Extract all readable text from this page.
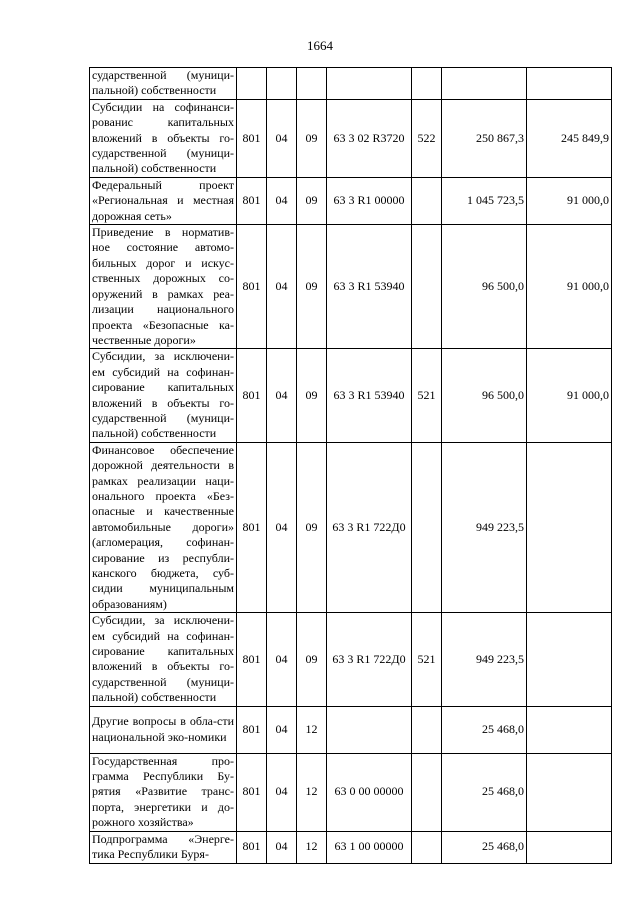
1664
сударственной (муници-пальной) собственности							
Субсидии на софинанси-рованис капитальных вложений в объекты го-сударственной (муници-пальной) собственности	801	04	09	63 3 02 R3720	522	250 867,3	245 849,9
Федеральный проект «Региональная и местная дорожная сеть»	801	04	09	63 3 R1 00000		1 045 723,5	91 000,0
Приведение в норматив-ное состояние автомо-бильных дорог и искус-ственных дорожных со-оружений в рамках реа-лизации национального проекта «Безопасные ка-чественные дороги»	801	04	09	63 3 R1 53940		96 500,0	91 000,0
Субсидии, за исключени-ем субсидий на софинан-сирование капитальных вложений в объекты го-сударственной (муници-пальной) собственности	801	04	09	63 3 R1 53940	521	96 500,0	91 000,0
Финансовое обеспечение дорожной деятельности в рамках реализации наци-онального проекта «Без-опасные и качественные автомобильные дороги» (агломерация, софинан-сирование из республи-канского бюджета, суб-сидии муниципальным образованиям)	801	04	09	63 3 R1 722Д0		949 223,5	
Субсидии, за исключени-ем субсидий на софинан-сирование капитальных вложений в объекты го-сударственной (муници-пальной) собственности	801	04	09	63 3 R1 722Д0	521	949 223,5	
Другие вопросы в обла-сти национальной эко-номики	801	04	12			25 468,0	
Государственная про-грамма Республики Бу-рятия «Развитие транс-порта, энергетики и до-рожного хозяйства»	801	04	12	63 0 00 00000		25 468,0	
Подпрограмма «Энерге-тика Республики Буря-	801	04	12	63 1 00 00000		25 468,0	
